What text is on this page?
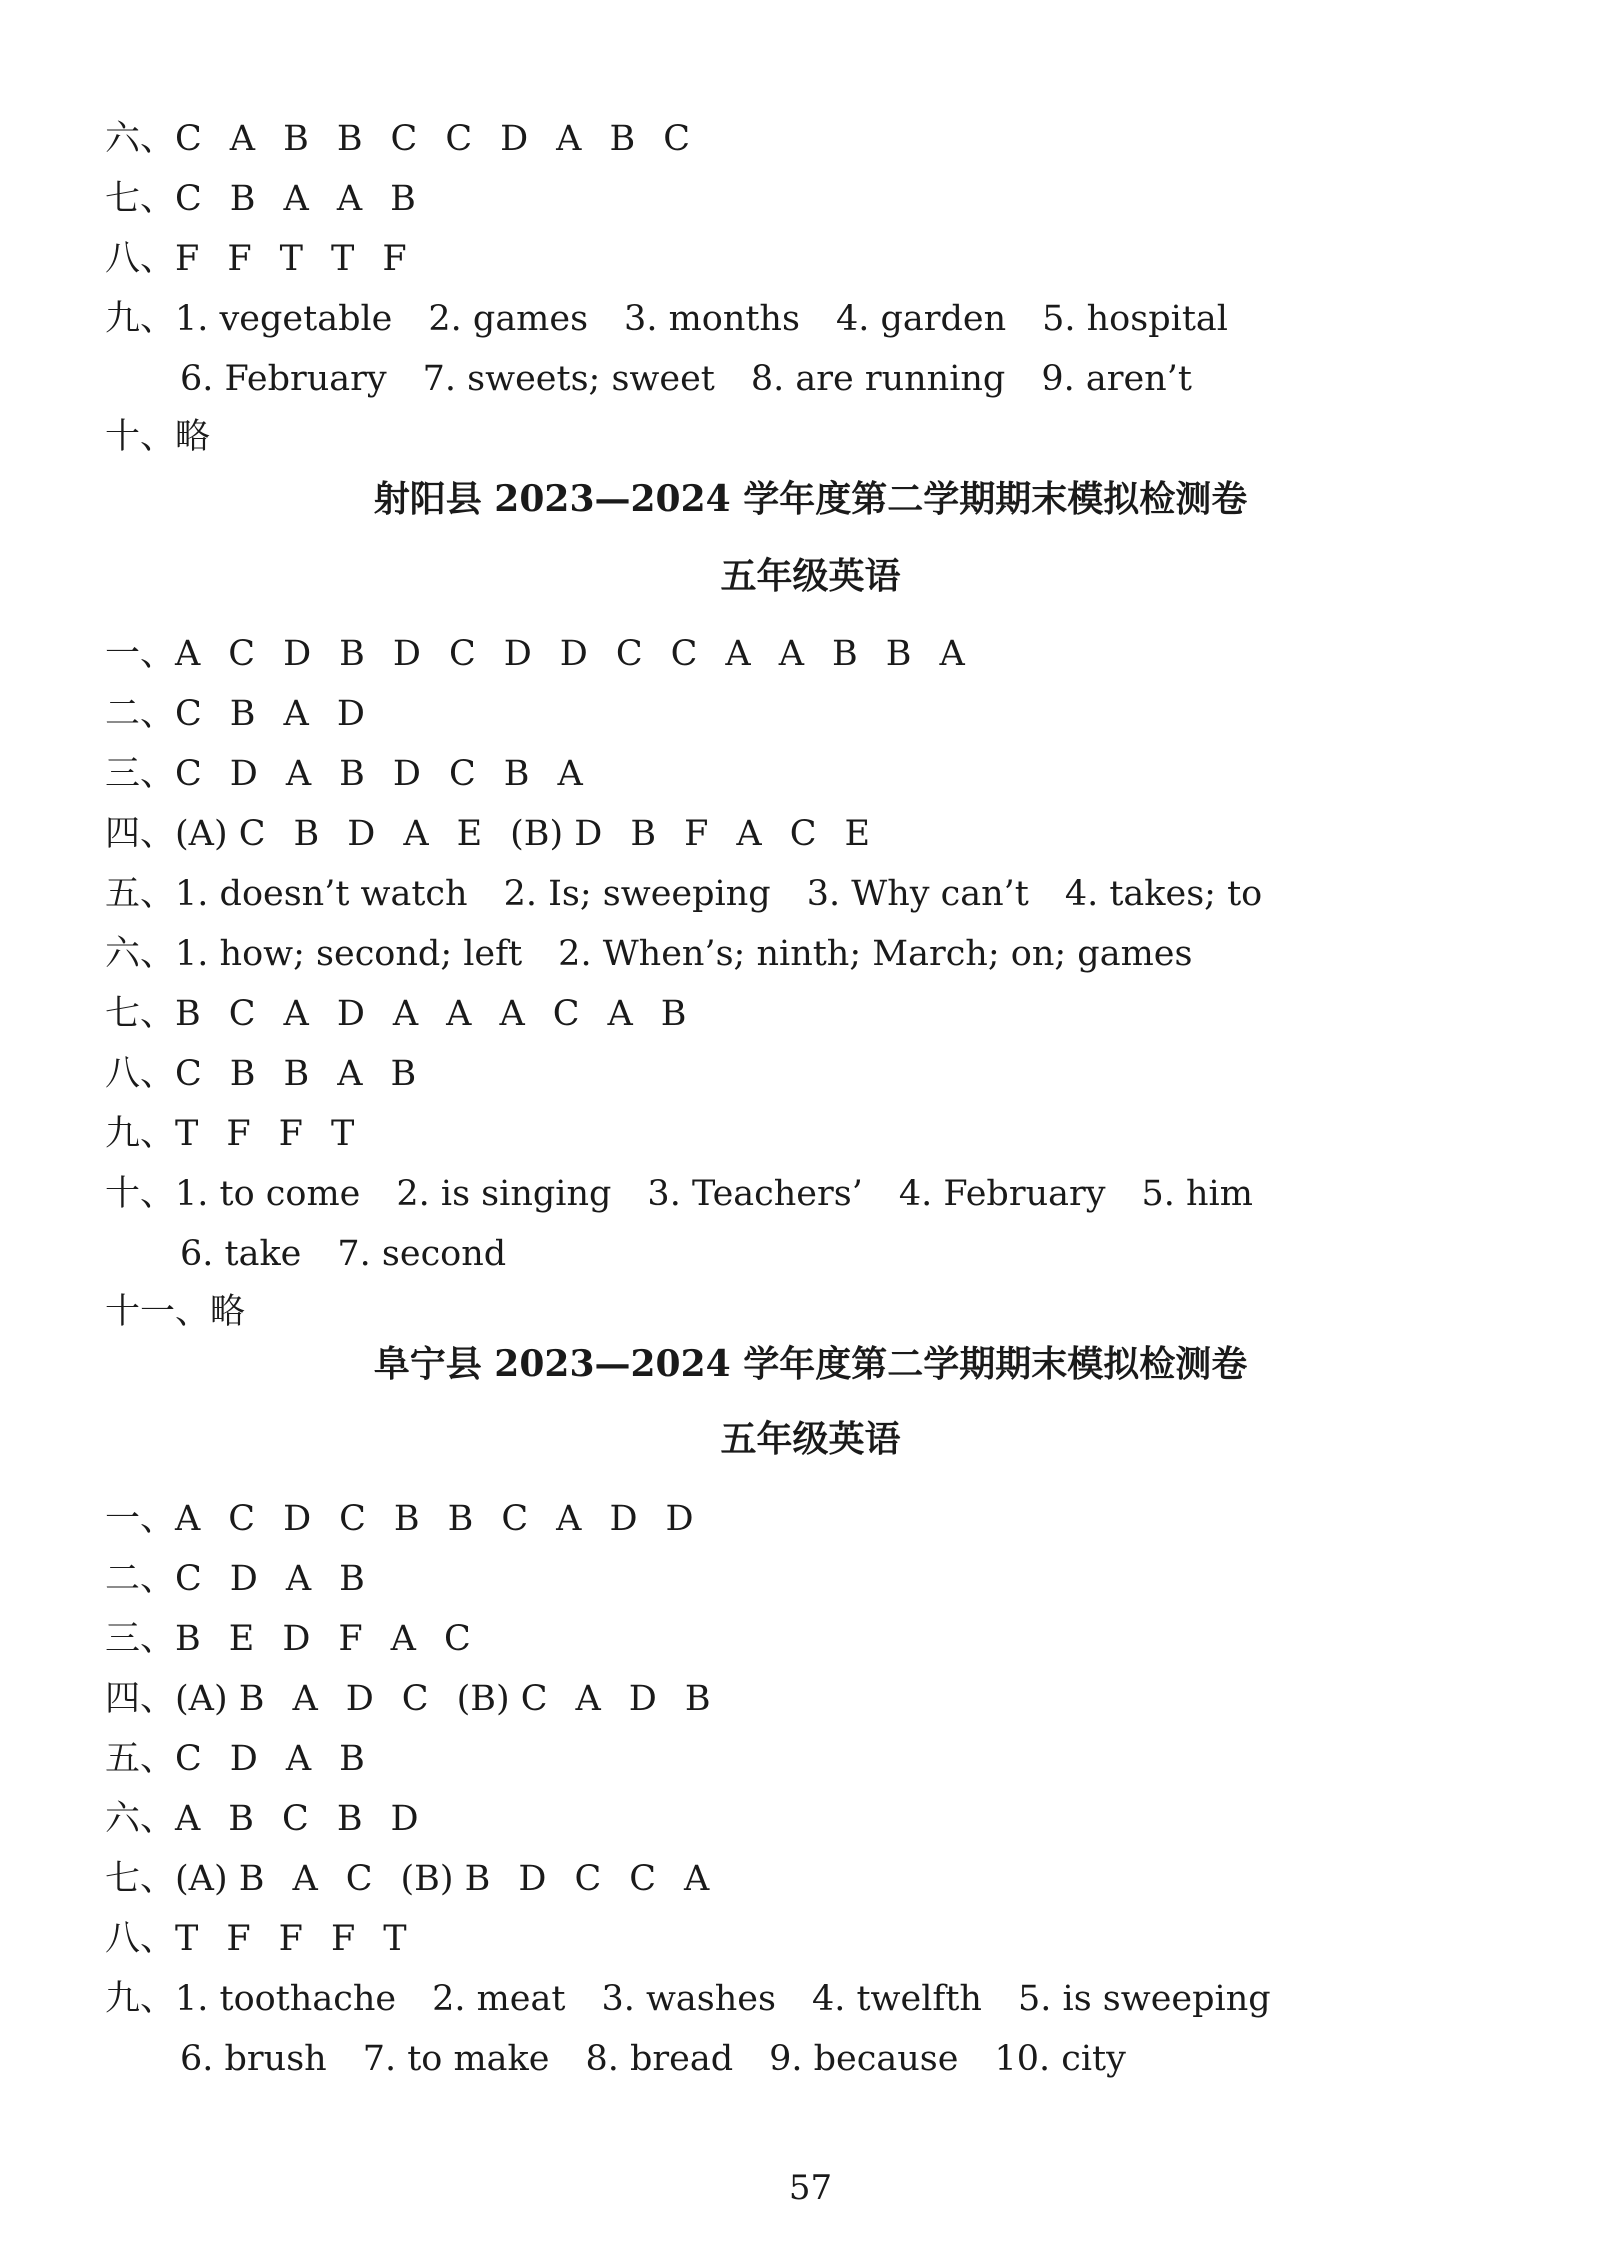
六、C A B B C C D A B C
七、C B A A B
八、F F T T F
九、1. vegetable 2. games 3. months 4. garden 5. hospital
6. February 7. sweets; sweet 8. are running 9. aren’t
十、略
射阳县 2023—2024 学年度第二学期期末模拟检测卷
五年级英语
一、A C D B D C D D C C A A B B A
二、C B A D
三、C D A B D C B A
四、(A) C B D A E (B) D B F A C E
五、1. doesn’t watch 2. Is; sweeping 3. Why can’t 4. takes; to
六、1. how; second; left 2. When’s; ninth; March; on; games
七、B C A D A A A C A B
八、C B B A B
九、T F F T
十、1. to come 2. is singing 3. Teachers’ 4. February 5. him
6. take 7. second
十一、略
阜宁县 2023—2024 学年度第二学期期末模拟检测卷
五年级英语
一、A C D C B B C A D D
二、C D A B
三、B E D F A C
四、(A) B A D C (B) C A D B
五、C D A B
六、A B C B D
七、(A) B A C (B) B D C C A
八、T F F F T
九、1. toothache 2. meat 3. washes 4. twelfth 5. is sweeping
6. brush 7. to make 8. bread 9. because 10. city
57
